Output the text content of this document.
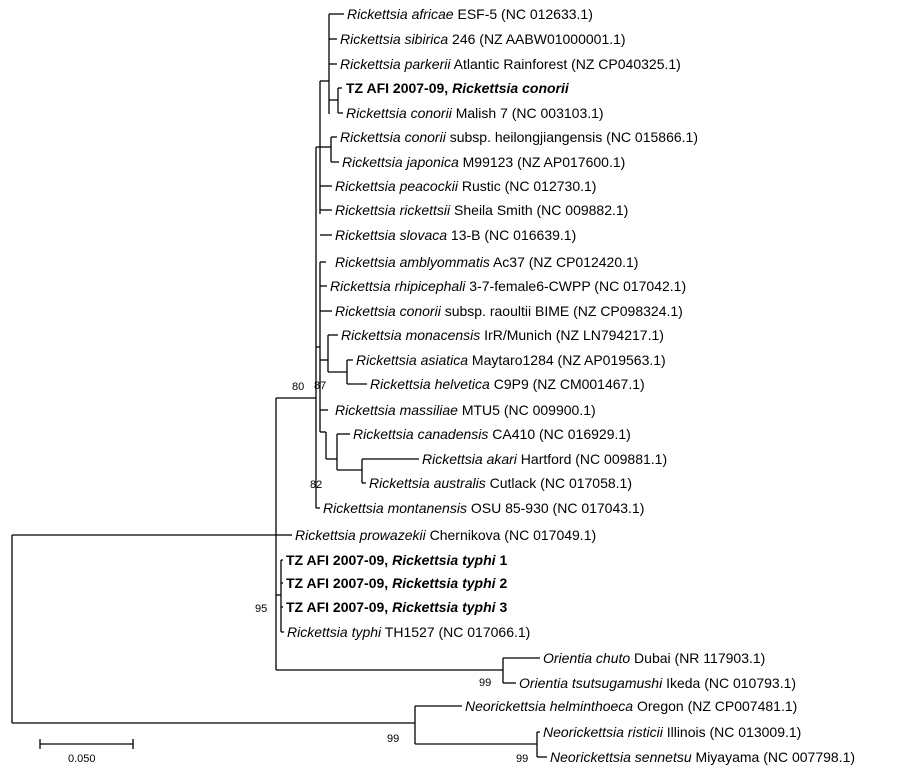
Rickettsia africae ESF-5 (NC 012633.1)
Rickettsia sibirica 246 (NZ AABW01000001.1)
Rickettsia parkerii Atlantic Rainforest (NZ CP040325.1)
TZ AFI 2007-09, Rickettsia conorii
Rickettsia conorii Malish 7 (NC 003103.1)
Rickettsia conorii subsp. heilongjiangensis (NC 015866.1)
Rickettsia japonica M99123 (NZ AP017600.1)
Rickettsia peacockii Rustic (NC 012730.1)
Rickettsia rickettsii Sheila Smith (NC 009882.1)
Rickettsia slovaca 13-B (NC 016639.1)
Rickettsia amblyommatis Ac37 (NZ CP012420.1)
Rickettsia rhipicephali 3-7-female6-CWPP (NC 017042.1)
Rickettsia conorii subsp. raoultii BIME (NZ CP098324.1)
Rickettsia monacensis IrR/Munich (NZ LN794217.1)
Rickettsia asiatica Maytaro1284 (NZ AP019563.1)
Rickettsia helvetica C9P9 (NZ CM001467.1)
Rickettsia massiliae MTU5 (NC 009900.1)
Rickettsia canadensis CA410 (NC 016929.1)
Rickettsia akari Hartford (NC 009881.1)
Rickettsia australis Cutlack (NC 017058.1)
Rickettsia montanensis OSU 85-930 (NC 017043.1)
Rickettsia prowazekii Chernikova (NC 017049.1)
TZ AFI 2007-09, Rickettsia typhi 1
TZ AFI 2007-09, Rickettsia typhi 2
TZ AFI 2007-09, Rickettsia typhi 3
Rickettsia typhi TH1527 (NC 017066.1)
Orientia chuto Dubai (NR 117903.1)
Orientia tsutsugamushi Ikeda (NC 010793.1)
Neorickettsia helminthoeca Oregon (NZ CP007481.1)
Neorickettsia risticii Illinois (NC 013009.1)
Neorickettsia sennetsu Miyayama (NC 007798.1)
80 87
82
95
99
99
99
0.050
